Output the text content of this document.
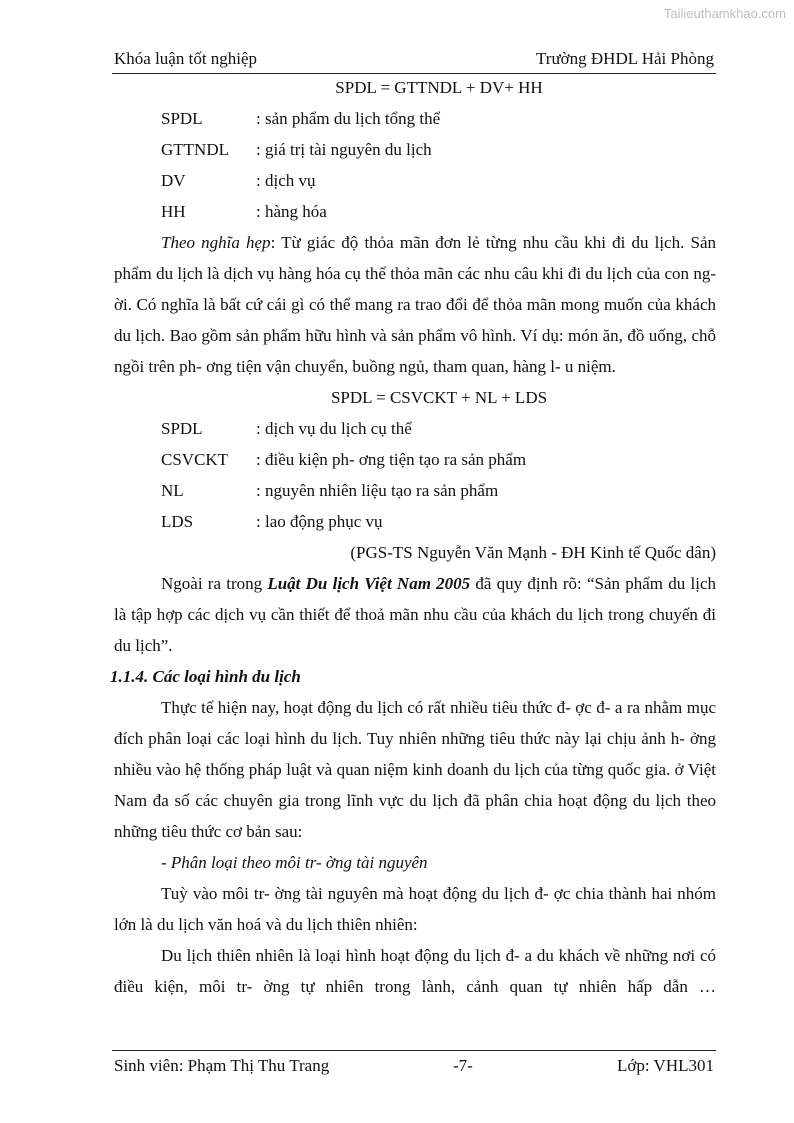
Tailieuthamkhao.com
Khóa luận tốt nghiệp	Trường ĐHDL Hải Phòng

SPDL = GTTNDL + DV+ HH

SPDL	: sản phẩm du lịch tổng thể
GTTNDL	: giá trị tài nguyên du lịch
DV	: dịch vụ
HH	: hàng hóa

Theo nghĩa hẹp: Từ giác độ thỏa mãn đơn lẻ từng nhu cầu khi đi du lịch. Sản phẩm du lịch là dịch vụ hàng hóa cụ thể thỏa mãn các nhu câu khi đi du lịch của con ng- ời. Có nghĩa là bất cứ cái gì có thể mang ra trao đổi để thỏa mãn mong muốn của khách du lịch. Bao gồm sản phẩm hữu hình và sản phẩm vô hình. Ví dụ: món ăn, đồ uống, chỗ ngồi trên ph- ơng tiện vận chuyển, buồng ngủ, tham quan, hàng l- u niệm.

SPDL = CSVCKT + NL + LDS

SPDL	: dịch vụ du lịch cụ thể
CSVCKT	: điều kiện ph- ơng tiện tạo ra sản phẩm
NL	: nguyên nhiên liệu tạo ra sản phẩm
LDS	: lao động phục vụ

(PGS-TS Nguyễn Văn Mạnh - ĐH Kinh tế Quốc dân)

Ngoài ra trong Luật Du lịch Việt Nam 2005 đã quy định rõ: “Sản phẩm du lịch là tập hợp các dịch vụ cần thiết để thoả mãn nhu cầu của khách du lịch trong chuyến đi du lịch”.

1.1.4. Các loại hình du lịch

Thực tế hiện nay, hoạt động du lịch có rất nhiều tiêu thức đ- ợc đ- a ra nhằm mục đích phân loại các loại hình du lịch. Tuy nhiên những tiêu thức này lại chịu ảnh h- ởng nhiều vào hệ thống pháp luật và quan niệm kinh doanh du lịch của từng quốc gia. ở Việt Nam đa số các chuyên gia trong lĩnh vực du lịch đã phân chia hoạt động du lịch theo những tiêu thức cơ bản sau:

- Phân loại theo môi tr- ờng tài nguyên

Tuỳ vào môi tr- ờng tài nguyên mà hoạt động du lịch đ- ợc chia thành hai nhóm lớn là du lịch văn hoá và du lịch thiên nhiên:

Du lịch thiên nhiên là loại hình hoạt động du lịch đ- a du khách về những nơi có điều kiện, môi tr- ờng tự nhiên trong lành, cảnh quan tự nhiên hấp dẫn …

Sinh viên: Phạm Thị Thu Trang	-7-	Lớp: VHL301
